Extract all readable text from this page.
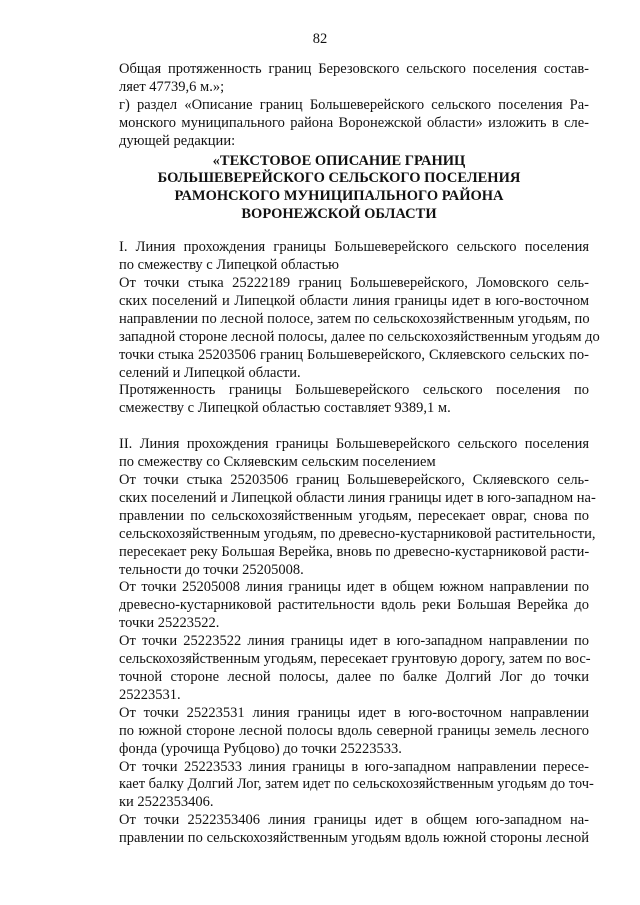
82
Общая протяженность границ Березовского сельского поселения состав-
ляет 47739,6 м.»;
г) раздел «Описание границ Большеверейского сельского поселения Ра-
монского муниципального района Воронежской области» изложить в сле-
дующей редакции:
«ТЕКСТОВОЕ ОПИСАНИЕ ГРАНИЦ
БОЛЬШЕВЕРЕЙСКОГО СЕЛЬСКОГО ПОСЕЛЕНИЯ
РАМОНСКОГО МУНИЦИПАЛЬНОГО РАЙОНА
ВОРОНЕЖСКОЙ ОБЛАСТИ
I. Линия прохождения границы Большеверейского сельского поселения
по смежеству с Липецкой областью
От точки стыка 25222189 границ Большеверейского, Ломовского сель-
ских поселений и Липецкой области линия границы идет в юго-восточном
направлении по лесной полосе, затем по сельскохозяйственным угодьям, по
западной стороне лесной полосы, далее по сельскохозяйственным угодьям до
точки стыка 25203506 границ Большеверейского, Скляевского сельских по-
селений и Липецкой области.
Протяженность границы Большеверейского сельского поселения по
смежеству с Липецкой областью составляет 9389,1 м.
II. Линия прохождения границы Большеверейского сельского поселения
по смежеству со Скляевским сельским поселением
От точки стыка 25203506 границ Большеверейского, Скляевского сель-
ских поселений и Липецкой области линия границы идет в юго-западном на-
правлении по сельскохозяйственным угодьям, пересекает овраг, снова по
сельскохозяйственным угодьям, по древесно-кустарниковой растительности,
пересекает реку Большая Верейка, вновь по древесно-кустарниковой расти-
тельности до точки 25205008.
От точки 25205008 линия границы идет в общем южном направлении по
древесно-кустарниковой растительности вдоль реки Большая Верейка до
точки 25223522.
От точки 25223522 линия границы идет в юго-западном направлении по
сельскохозяйственным угодьям, пересекает грунтовую дорогу, затем по вос-
точной стороне лесной полосы, далее по балке Долгий Лог до точки
25223531.
От точки 25223531 линия границы идет в юго-восточном направлении
по южной стороне лесной полосы вдоль северной границы земель лесного
фонда (урочища Рубцово) до точки 25223533.
От точки 25223533 линия границы в юго-западном направлении пересе-
кает балку Долгий Лог, затем идет по сельскохозяйственным угодьям до точ-
ки 2522353406.
От точки 2522353406 линия границы идет в общем юго-западном на-
правлении по сельскохозяйственным угодьям вдоль южной стороны лесной
